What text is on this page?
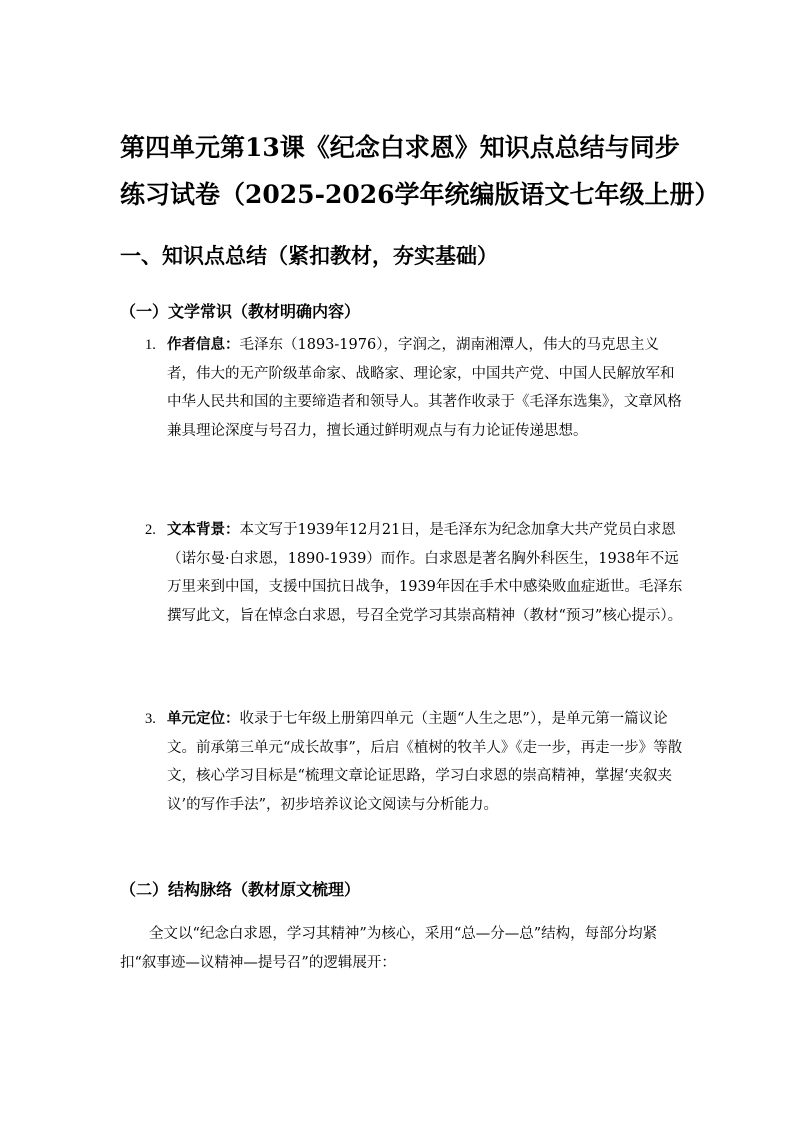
第四单元第13课《纪念白求恩》知识点总结与同步
练习试卷（2025-2026学年统编版语文七年级上册）
一、知识点总结（紧扣教材，夯实基础）
（一）文学常识（教材明确内容）
1. 作者信息：毛泽东（1893-1976），字润之，湖南湘潭人，伟大的马克思主义者，伟大的无产阶级革命家、战略家、理论家，中国共产党、中国人民解放军和中华人民共和国的主要缔造者和领导人。其著作收录于《毛泽东选集》，文章风格兼具理论深度与号召力，擅长通过鲜明观点与有力论证传递思想。
2. 文本背景：本文写于1939年12月21日，是毛泽东为纪念加拿大共产党员白求恩（诺尔曼·白求恩，1890-1939）而作。白求恩是著名胸外科医生，1938年不远万里来到中国，支援中国抗日战争，1939年因在手术中感染败血症逝世。毛泽东撰写此文，旨在悼念白求恩，号召全党学习其崇高精神（教材“预习”核心提示）。
3. 单元定位：收录于七年级上册第四单元（主题“人生之思”），是单元第一篇议论文。前承第三单元“成长故事”，后启《植树的牧羊人》《走一步，再走一步》等散文，核心学习目标是“梳理文章论证思路，学习白求恩的崇高精神，掌握‘夹叙夹议’的写作手法”，初步培养议论文阅读与分析能力。
（二）结构脉络（教材原文梳理）
全文以“纪念白求恩，学习其精神”为核心，采用“总—分—总”结构，每部分均紧扣“叙事迹—议精神—提号召”的逻辑展开：
